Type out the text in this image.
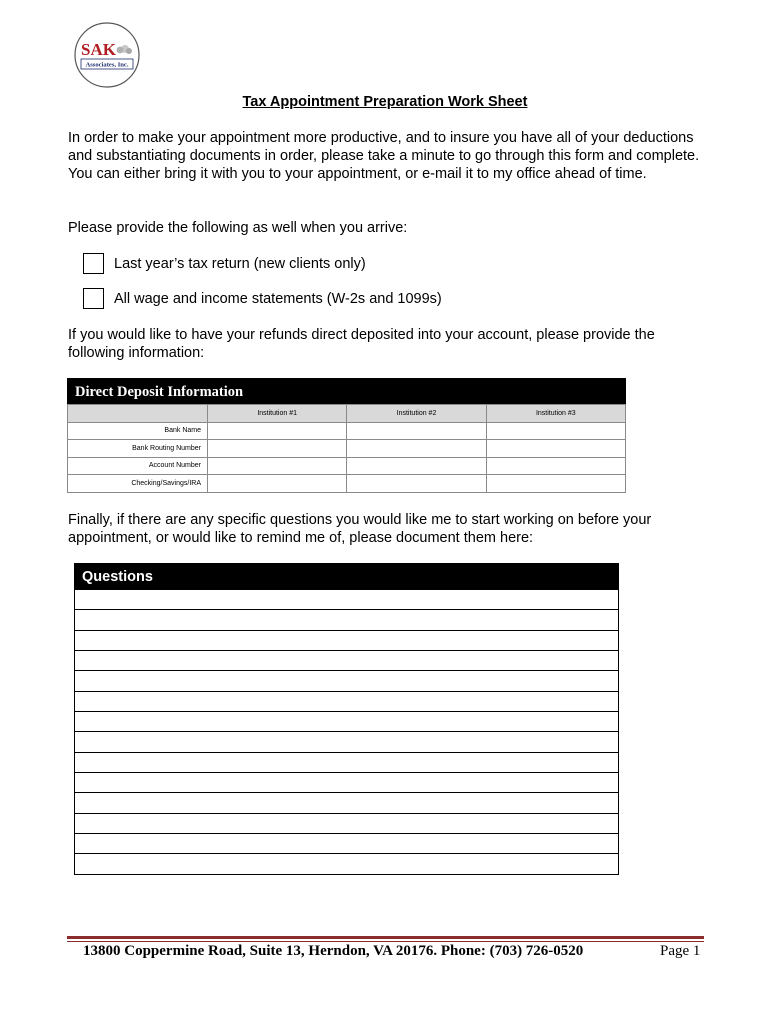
SAK
Associates, Inc.
Tax Appointment Preparation Work Sheet

In order to make your appointment more productive, and to insure you have all of your deductions and substantiating documents in order, please take a minute to go through this form and complete. You can either bring it with you to your appointment, or e-mail it to my office ahead of time.

Please provide the following as well when you arrive:

Last year’s tax return (new clients only)
All wage and income statements (W-2s and 1099s)

If you would like to have your refunds direct deposited into your account, please provide the following information:

Direct Deposit Information
	Institution #1	Institution #2	Institution #3
Bank Name			
Bank Routing Number			
Account Number			
Checking/Savings/IRA			

Finally, if there are any specific questions you would like me to start working on before your appointment, or would like to remind me of, please document them here:

Questions
13800 Coppermine Road, Suite 13, Herndon, VA 20176. Phone: (703) 726-0520	Page 1
